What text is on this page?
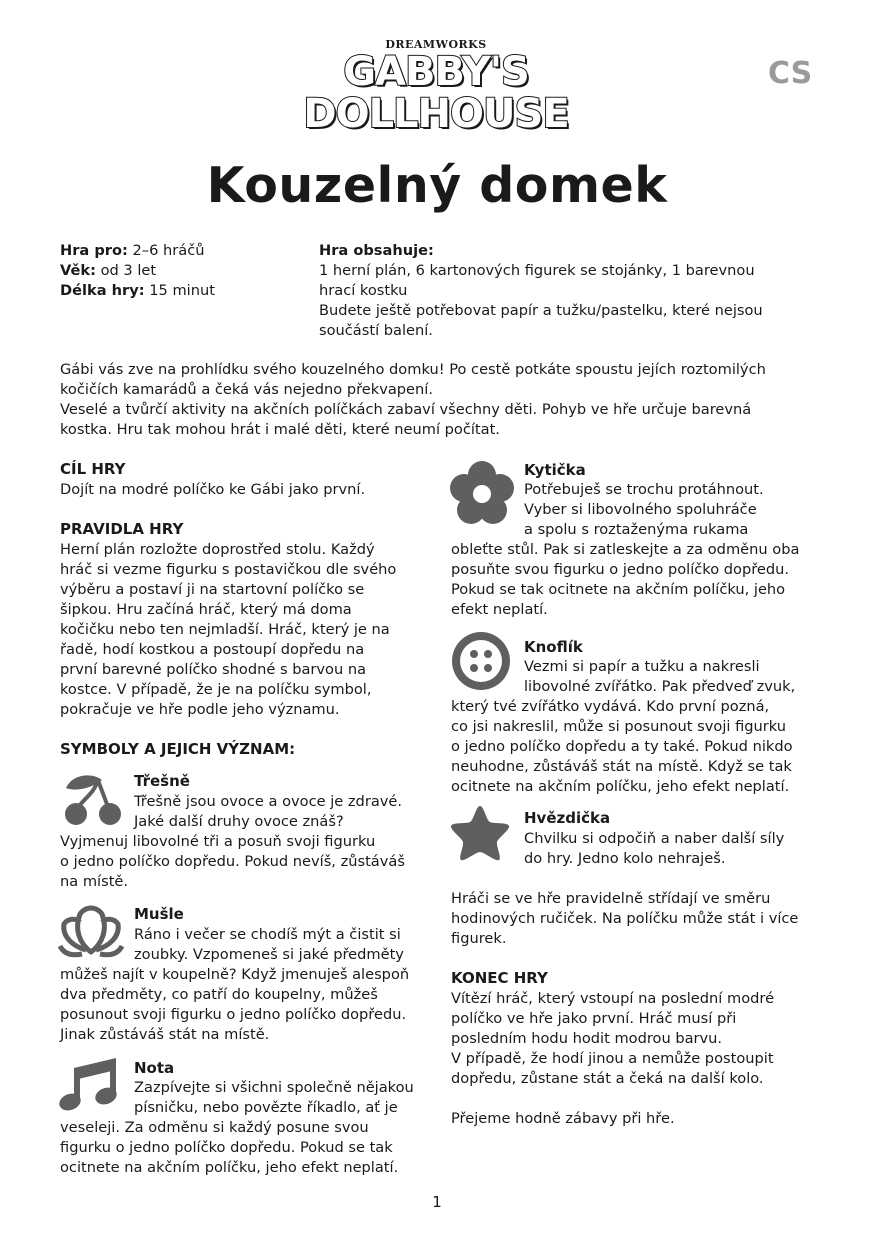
DREAMWORKS
GABBY'S
DOLLHOUSE
CS
Kouzelný domek
Hra pro: 2–6 hráčů
Věk: od 3 let
Délka hry: 15 minut
Hra obsahuje:
1 herní plán, 6 kartonových figurek se stojánky, 1 barevnou
hrací kostku
Budete ještě potřebovat papír a tužku/pastelku, které nejsou
součástí balení.
Gábi vás zve na prohlídku svého kouzelného domku! Po cestě potkáte spoustu jejích roztomilých
kočičích kamarádů a čeká vás nejedno překvapení.
Veselé a tvůrčí aktivity na akčních políčkách zabaví všechny děti. Pohyb ve hře určuje barevná
kostka. Hru tak mohou hrát i malé děti, které neumí počítat.
CÍL HRY
Dojít na modré políčko ke Gábi jako první.
PRAVIDLA HRY
Herní plán rozložte doprostřed stolu. Každý
hráč si vezme figurku s postavičkou dle svého
výběru a postaví ji na startovní políčko se
šipkou. Hru začíná hráč, který má doma
kočičku nebo ten nejmladší. Hráč, který je na
řadě, hodí kostkou a postoupí dopředu na
první barevné políčko shodné s barvou na
kostce. V případě, že je na políčku symbol,
pokračuje ve hře podle jeho významu.
SYMBOLY A JEJICH VÝZNAM:
Třešně
Třešně jsou ovoce a ovoce je zdravé.
Jaké další druhy ovoce znáš?
Vyjmenuj libovolné tři a posuň svoji figurku
o jedno políčko dopředu. Pokud nevíš, zůstáváš
na místě.
Mušle
Ráno i večer se chodíš mýt a čistit si
zoubky. Vzpomeneš si jaké předměty
můžeš najít v koupelně? Když jmenuješ alespoň
dva předměty, co patří do koupelny, můžeš
posunout svoji figurku o jedno políčko dopředu.
Jinak zůstáváš stát na místě.
Nota
Zazpívejte si všichni společně nějakou
písničku, nebo povězte říkadlo, ať je
veseleji. Za odměnu si každý posune svou
figurku o jedno políčko dopředu. Pokud se tak
ocitnete na akčním políčku, jeho efekt neplatí.
Kytička
Potřebuješ se trochu protáhnout.
Vyber si libovolného spoluhráče
a spolu s roztaženýma rukama
obleťte stůl. Pak si zatleskejte a za odměnu oba
posuňte svou figurku o jedno políčko dopředu.
Pokud se tak ocitnete na akčním políčku, jeho
efekt neplatí.
Knoflík
Vezmi si papír a tužku a nakresli
libovolné zvířátko. Pak předveď zvuk,
který tvé zvířátko vydává. Kdo první pozná,
co jsi nakreslil, může si posunout svoji figurku
o jedno políčko dopředu a ty také. Pokud nikdo
neuhodne, zůstáváš stát na místě. Když se tak
ocitnete na akčním políčku, jeho efekt neplatí.
Hvězdička
Chvilku si odpočiň a naber další síly
do hry. Jedno kolo nehraješ.
Hráči se ve hře pravidelně střídají ve směru
hodinových ručiček. Na políčku může stát i více
figurek.
KONEC HRY
Vítězí hráč, který vstoupí na poslední modré
políčko ve hře jako první. Hráč musí při
posledním hodu hodit modrou barvu.
V případě, že hodí jinou a nemůže postoupit
dopředu, zůstane stát a čeká na další kolo.
Přejeme hodně zábavy při hře.
1
